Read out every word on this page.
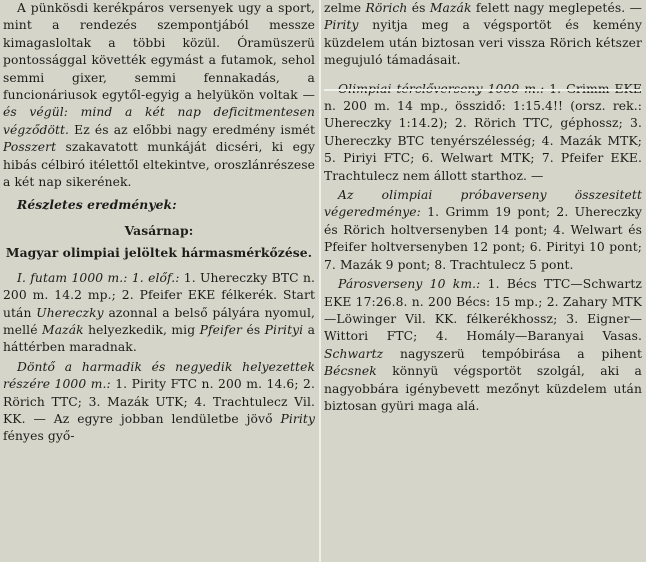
A pünkösdi kerékpáros versenyek ugy a sport, mint a rendezés szempontjából messze kimagasloltak a többi közül. Óramüszerü pontossággal követték egymást a futamok, sehol semmi gixer, semmi fennakadás, a funcionáriusok egytől-egyig a helyükön voltak — és végül: mind a két nap deficitmentesen végződött. Ez és az előbbi nagy eredmény ismét Posszert szakavatott munkáját dicséri, ki egy hibás célbiró itélettől eltekintve, oroszlánrészese a két nap sikerének.

Részletes eredmények:

Vasárnap:

Magyar olimpiai jelöltek hármasmérkőzése.

I. futam 1000 m.: 1. előf.: 1. Uhereczky BTC n. 200 m. 14.2 mp.; 2. Pfeifer EKE félkerék. Start után Uhereczky azonnal a belső pályára nyomul, mellé Mazák helyezkedik, mig Pfeifer és Pirityi a háttérben maradnak.

Döntő a harmadik és negyedik helyezettek részére 1000 m.: 1. Pirity FTC n. 200 m. 14.6; 2. Rörich TTC; 3. Mazák UTK; 4. Trachtulecz Vil. KK. — Az egyre jobban lendületbe jövő Pirity fényes győ-

zelme Rörich és Mazák felett nagy meglepetés. — Pirity nyitja meg a végsportöt és kemény küzdelem után biztosan veri vissza Rörich kétszer megujuló támadásait.

n. 200 m. 14 mp., összidő: 1:15.4!! (orsz. rek.: Uhereczky 1:14.2); 2. Rörich TTC, géphossz; 3. Uhereczky BTC tenyérszélesség; 4. Mazák MTK; 5. Piriyi FTC; 6. Welwart MTK; 7. Pfeifer EKE. Trachtulecz nem állott starthoz. —

Az olimpiai próbaverseny összesitett végeredménye: 1. Grimm 19 pont; 2. Uhereczky és Rörich holtversenyben 14 pont; 4. Welwart és Pfeifer holtversenyben 12 pont; 6. Pirityi 10 pont; 7. Mazák 9 pont; 8. Trachtulecz 5 pont.

Párosverseny 10 km.: 1. Bécs TTC—Schwartz EKE 17:26.8. n. 200 Bécs: 15 mp.; 2. Zahary MTK—Löwinger Vil. KK. félkerékhossz; 3. Eigner—Wittori FTC; 4. Homály—Baranyai Vasas. Schwartz nagyszerü tempóbirása a pihent Bécsnek könnyü végsportöt szolgál, aki a nagyobbára igénybevett mezőnyt küzdelem után biztosan gyüri maga alá.
